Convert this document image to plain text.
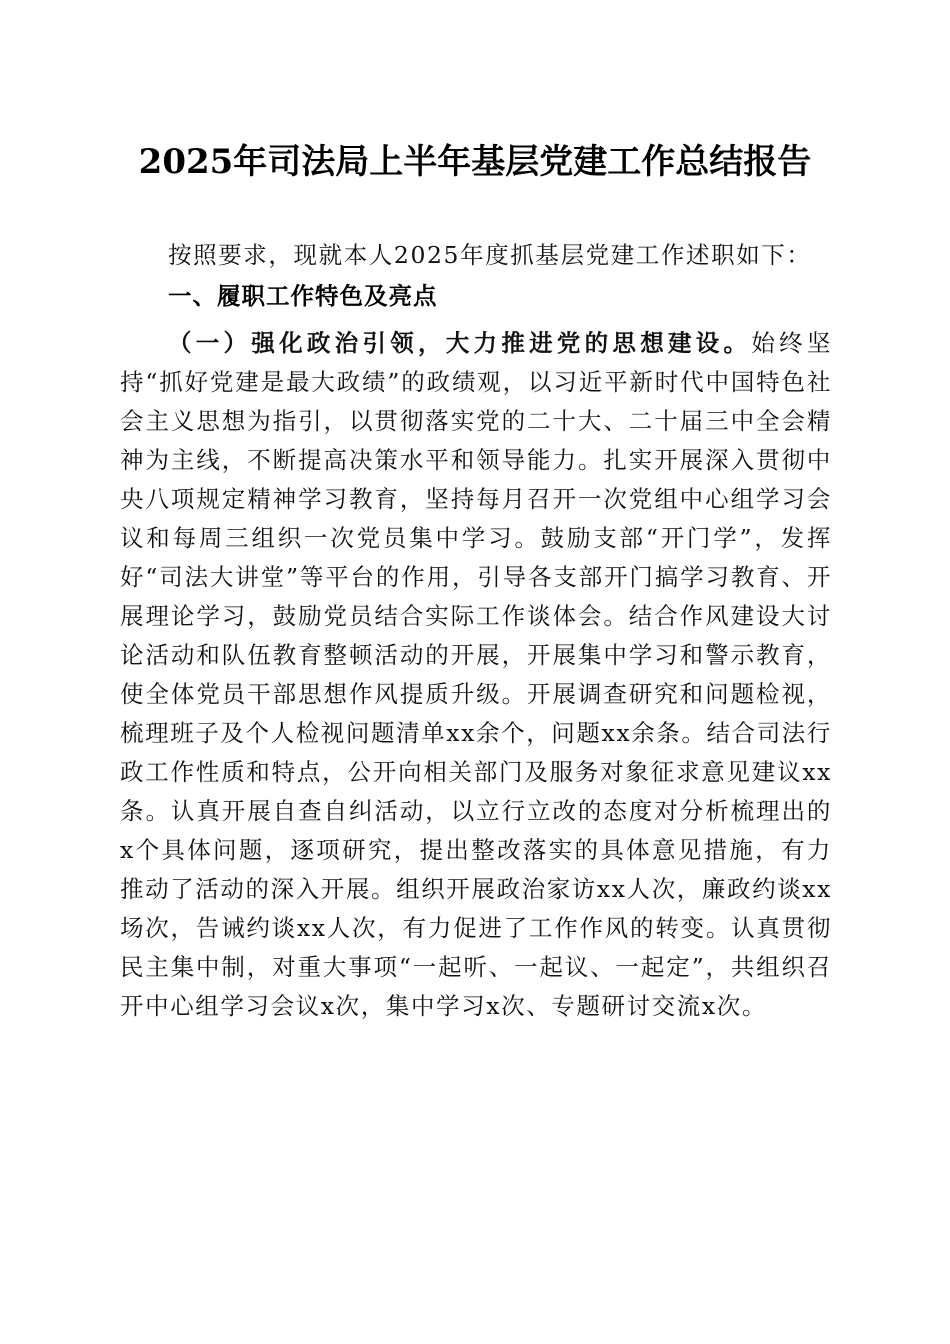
2025年司法局上半年基层党建工作总结报告
按照要求，现就本人2025年度抓基层党建工作述职如下：
一、履职工作特色及亮点
（一）强化政治引领，大力推进党的思想建设。始终坚持“抓好党建是最大政绩”的政绩观，以习近平新时代中国特色社会主义思想为指引，以贯彻落实党的二十大、二十届三中全会精神为主线，不断提高决策水平和领导能力。扎实开展深入贯彻中央八项规定精神学习教育，坚持每月召开一次党组中心组学习会议和每周三组织一次党员集中学习。鼓励支部“开门学”，发挥好“司法大讲堂”等平台的作用，引导各支部开门搞学习教育、开展理论学习，鼓励党员结合实际工作谈体会。结合作风建设大讨论活动和队伍教育整顿活动的开展，开展集中学习和警示教育，使全体党员干部思想作风提质升级。开展调查研究和问题检视，梳理班子及个人检视问题清单xx余个，问题xx余条。结合司法行政工作性质和特点，公开向相关部门及服务对象征求意见建议xx条。认真开展自查自纠活动，以立行立改的态度对分析梳理出的x个具体问题，逐项研究，提出整改落实的具体意见措施，有力推动了活动的深入开展。组织开展政治家访xx人次，廉政约谈xx场次，告诫约谈xx人次，有力促进了工作作风的转变。认真贯彻民主集中制，对重大事项“一起听、一起议、一起定”，共组织召开中心组学习会议x次，集中学习x次、专题研讨交流x次。
